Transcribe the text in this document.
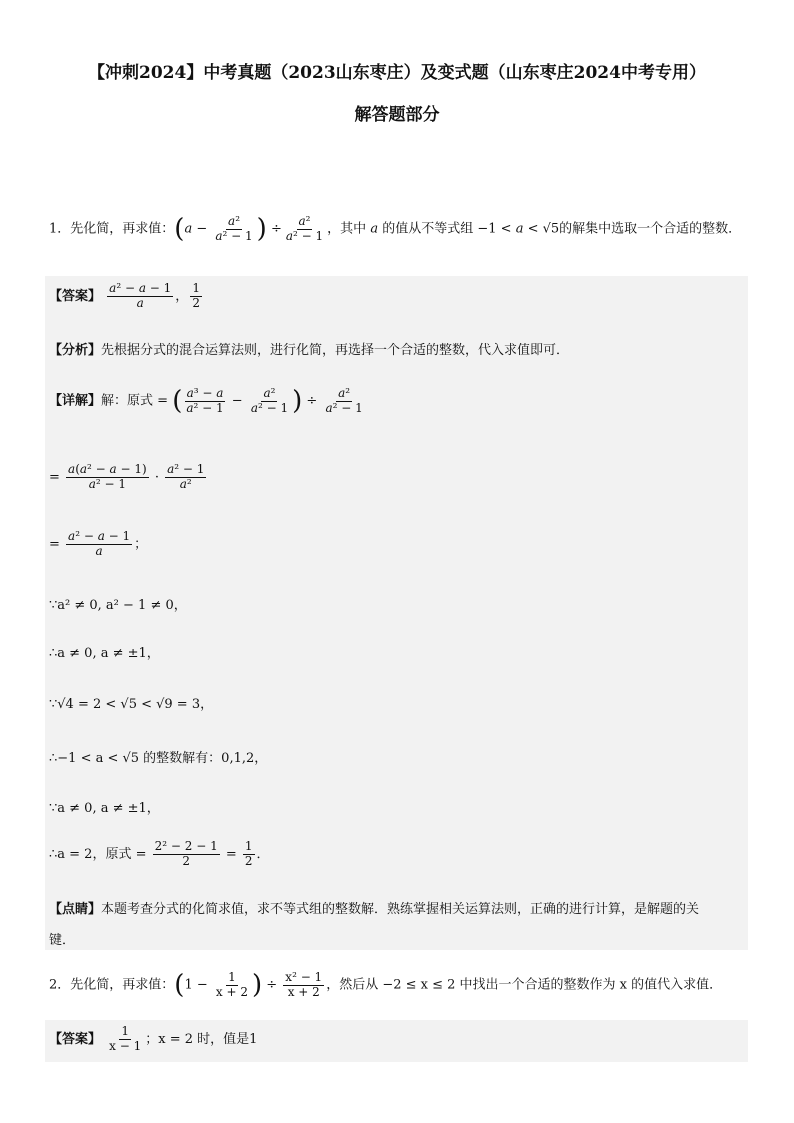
【冲刺2024】中考真题（2023山东枣庄）及变式题（山东枣庄2024中考专用）
解答题部分
1．先化简，再求值：($a - \frac{\text{a²}}{\text{a² − 1}}$ ) ÷ $\frac{\text{a²}}{\text{a² − 1}}$ ，其中 a 的值从不等式组 −1 < a < √5的解集中选取一个合适的整数．
【答案】 $\frac{\text{a² − a − 1}}{a}$ ， $\frac{1}{2}$
【分析】先根据分式的混合运算法则，进行化简，再选择一个合适的整数，代入求值即可．
【详解】解：原式 = ( $\frac{\text{a³ − a}}{\text{a² − 1}} - \frac{\text{a²}}{\text{a² − 1}}$ ) ÷ $\frac{\text{a²}}{\text{a² − 1}}$
= $\frac{\text{a(a² − a − 1)}}{\text{a² − 1}} \cdot \frac{\text{a² − 1}}{\text{a²}}$
= $\frac{\text{a² − a − 1}}{a}$ ；
∵a² ≠ 0, a² − 1 ≠ 0，
∴a ≠ 0, a ≠ ±1，
∵√4 = 2 < √5 < √9 = 3，
∴−1 < a < √5 的整数解有：0,1,2，
∵a ≠ 0, a ≠ ±1，
∴a = 2，原式 = $\frac{\text{2² − 2 − 1}}{2} = \frac{1}{2}$ ．
【点睛】本题考查分式的化简求值，求不等式组的整数解．熟练掌握相关运算法则，正确的进行计算，是解题的关
键．
2．先化简，再求值：($1 - \frac{1}{x + 2}$ ) ÷ $\frac{\text{x² − 1}}{x + 2}$ ，然后从 −2 ≤ x ≤ 2 中找出一个合适的整数作为 x 的值代入求值．
【答案】 $\frac{1}{x - 1}$ ；x = 2 时，值是1
